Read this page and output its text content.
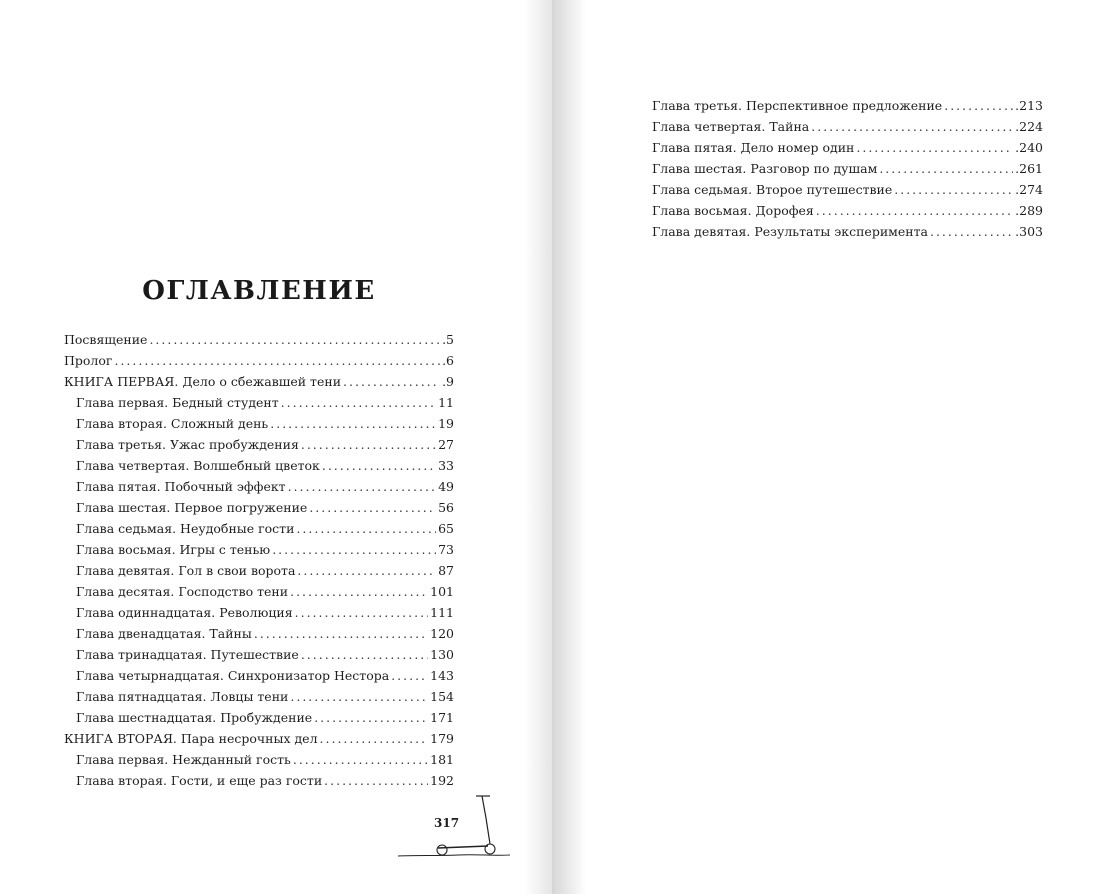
ОГЛАВЛЕНИЕ
Посвящение .....	.5
Пролог .....	.6
КНИГА ПЕРВАЯ. Дело о сбежавшей тени .....	.9
Глава первая. Бедный студент .....	11
Глава вторая. Сложный день .....	19
Глава третья. Ужас пробуждения .....	27
Глава четвертая. Волшебный цветок .....	33
Глава пятая. Побочный эффект .....	49
Глава шестая. Первое погружение .....	56
Глава седьмая. Неудобные гости .....	65
Глава восьмая. Игры с тенью .....	73
Глава девятая. Гол в свои ворота .....	87
Глава десятая. Господство тени .....	101
Глава одиннадцатая. Революция .....	111
Глава двенадцатая. Тайны .....	120
Глава тринадцатая. Путешествие .....	130
Глава четырнадцатая. Синхронизатор Нестора .....	143
Глава пятнадцатая. Ловцы тени .....	154
Глава шестнадцатая. Пробуждение .....	171
КНИГА ВТОРАЯ. Пара несрочных дел .....	179
Глава первая. Нежданный гость .....	181
Глава вторая. Гости, и еще раз гости .....	192
Глава третья. Перспективное предложение .....	.213
Глава четвертая. Тайна .....	.224
Глава пятая. Дело номер один .....	.240
Глава шестая. Разговор по душам .....	.261
Глава седьмая. Второе путешествие .....	.274
Глава восьмая. Дорофея .....	.289
Глава девятая. Результаты эксперимента .....	.303
317
